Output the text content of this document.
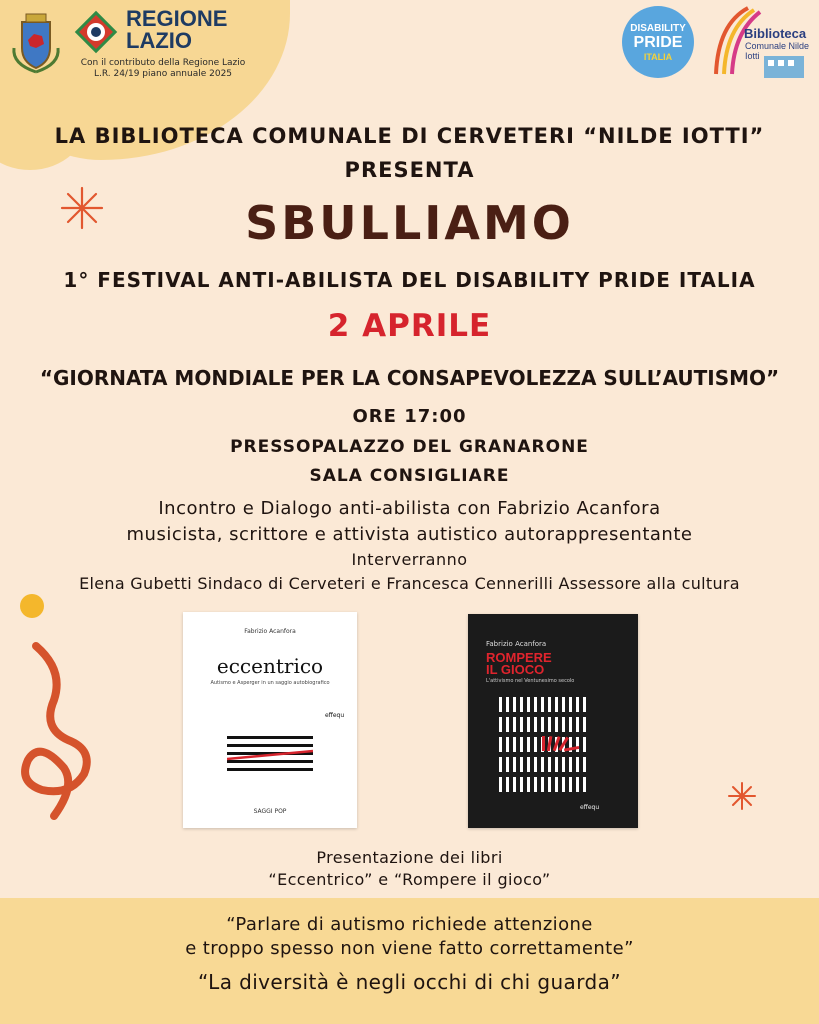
REGIONE
LAZIO
Con il contributo della Regione Lazio
L.R. 24/19 piano annuale 2025
DISABILITY
PRIDE
ITALIA
Biblioteca
Comunale Nilde Iotti
LA BIBLIOTECA COMUNALE DI CERVETERI “NILDE IOTTI”
PRESENTA
SBULLIAMO
1° FESTIVAL ANTI-ABILISTA DEL DISABILITY PRIDE ITALIA
2 APRILE
“GIORNATA MONDIALE PER LA CONSAPEVOLEZZA SULL’AUTISMO”
ORE 17:00
PRESSOPALAZZO DEL GRANARONE
SALA CONSIGLIARE
Incontro e Dialogo anti-abilista con Fabrizio Acanfora
musicista, scrittore e attivista autistico autorappresentante
Interverranno
Elena Gubetti Sindaco di Cerveteri e Francesca Cennerilli Assessore alla cultura
Fabrizio Acanfora
eccentrico
Autismo e Asperger in un saggio autobiografico
effequ
SAGGI POP
Fabrizio Acanfora
ROMPERE
IL GIOCO
L'attivismo nel Ventunesimo secolo
effequ
Presentazione dei libri
“Eccentrico” e “Rompere il gioco”
“Parlare di autismo richiede attenzione
e troppo spesso non viene fatto correttamente”
“La diversità è negli occhi di chi guarda”
